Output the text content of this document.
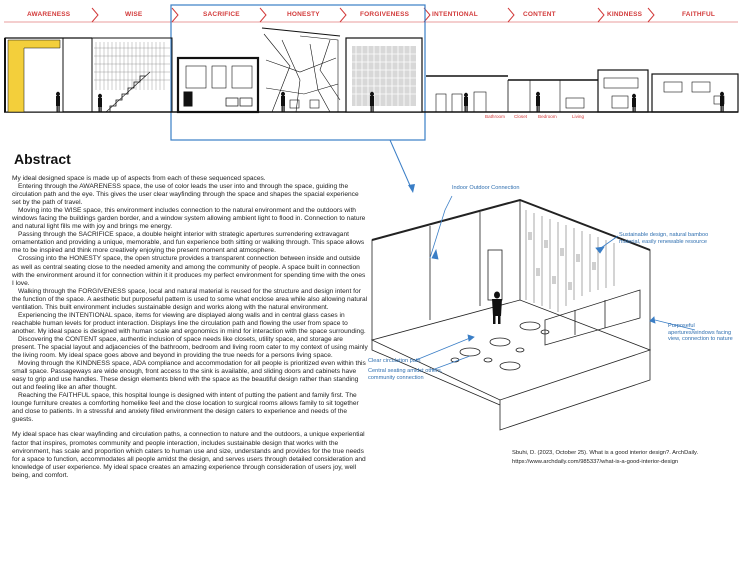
AWARENESS	WISE	SACRIFICE	HONESTY	FORGIVENESS	INTENTIONAL	CONTENT	KINDNESS	FAITHFUL
Bathroom Closet Bedroom	Living
Abstract

My ideal designed space is made up of aspects from each of these sequenced spaces.

Entering through the AWARENESS space, the use of color leads the user into and through the space, guiding the circulation path and the eye. This gives the user clear wayfinding through the space and shapes the spacial experience set by the path of travel.

Moving into the WISE space, this environment includes connection to the natural environment and the outdoors with windows facing the buildings garden border, and a window system allowing ambient light to flood in. Connection to nature and natural light fills me with joy and brings me energy.

Passing through the SACRIFICE space, a double height interior with strategic apertures surrendering extravagant ornamentation and providing a unique, memorable, and fun experience both sitting or walking through. This space allows me to be inspired and think more creatively enjoying the present moment and atmosphere.

Crossing into the HONESTY space, the open structure provides a transparent connection between inside and outside as well as central seating close to the needed amenity and among the community of people. A space built in connection with the environment around it for connection within it it produces my perfect environment for spending time with the ones I love.

Walking through the FORGIVENESS space, local and natural material is reused for the structure and design intent for the function of the space. A aesthetic but purposeful pattern is used to some what enclose area while also allowing natural ventilation. This built environment includes sustainable design and works along with the natural environment.

Experiencing the INTENTIONAL space, items for viewing are displayed along walls and in central glass cases in reachable human levels for product interaction. Displays line the circulation path and flowing the user from space to another. My ideal space is designed with human scale and ergonomics in mind for interaction with the space surrounding.

Discovering the CONTENT space, authentic inclusion of space needs like closets, utility space, and storage are present. The spacial layout and adjacencies of the bathroom, bedroom and living room cater to my context of using mainly the living room. My ideal space goes above and beyond in providing the true needs for a persons living space.

Moving through the KINDNESS space, ADA compliance and accommodation for all people is prioritized even within this small space. Passageways are wide enough, front access to the sink is available, and sliding doors and cabinets have easy to grip and use handles. These design elements blend with the space as the beautiful design rather than standing out and feeling like an after thought.

Reaching the FAITHFUL space, this hospital lounge is designed with intent of putting the patient and family first. The lounge furniture creates a comforting homelike feel and the close location to surgical rooms allows family to sit together and close to patients. In a stressful and anxiety filled environment the design caters to experience and needs of the guests.

My ideal space has clear wayfinding and circulation paths, a connection to nature and the outdoors, a unique experiential factor that inspires, promotes community and people interaction, includes sustainable design that works with the environment, has scale and proportion which caters to human use and size, understands and provides for the true needs for a space to function, accommodates all people amidst the design, and serves users through detailed consideration and knowledge of user experience. My ideal space creates an amazing experience through consideration of users joy, well being, and comfort.

Indoor Outdoor Connection
Sustainable design, natural bamboo material, easily renewable resource
Clear circulation path
Purposeful apertures/windows facing view, connection to nature
Central seating amidst others, community connection
Sbuhi, D. (2023, October 25). What is a good interior design?. ArchDaily.
https://www.archdaily.com/985337/what-is-a-good-interior-design
